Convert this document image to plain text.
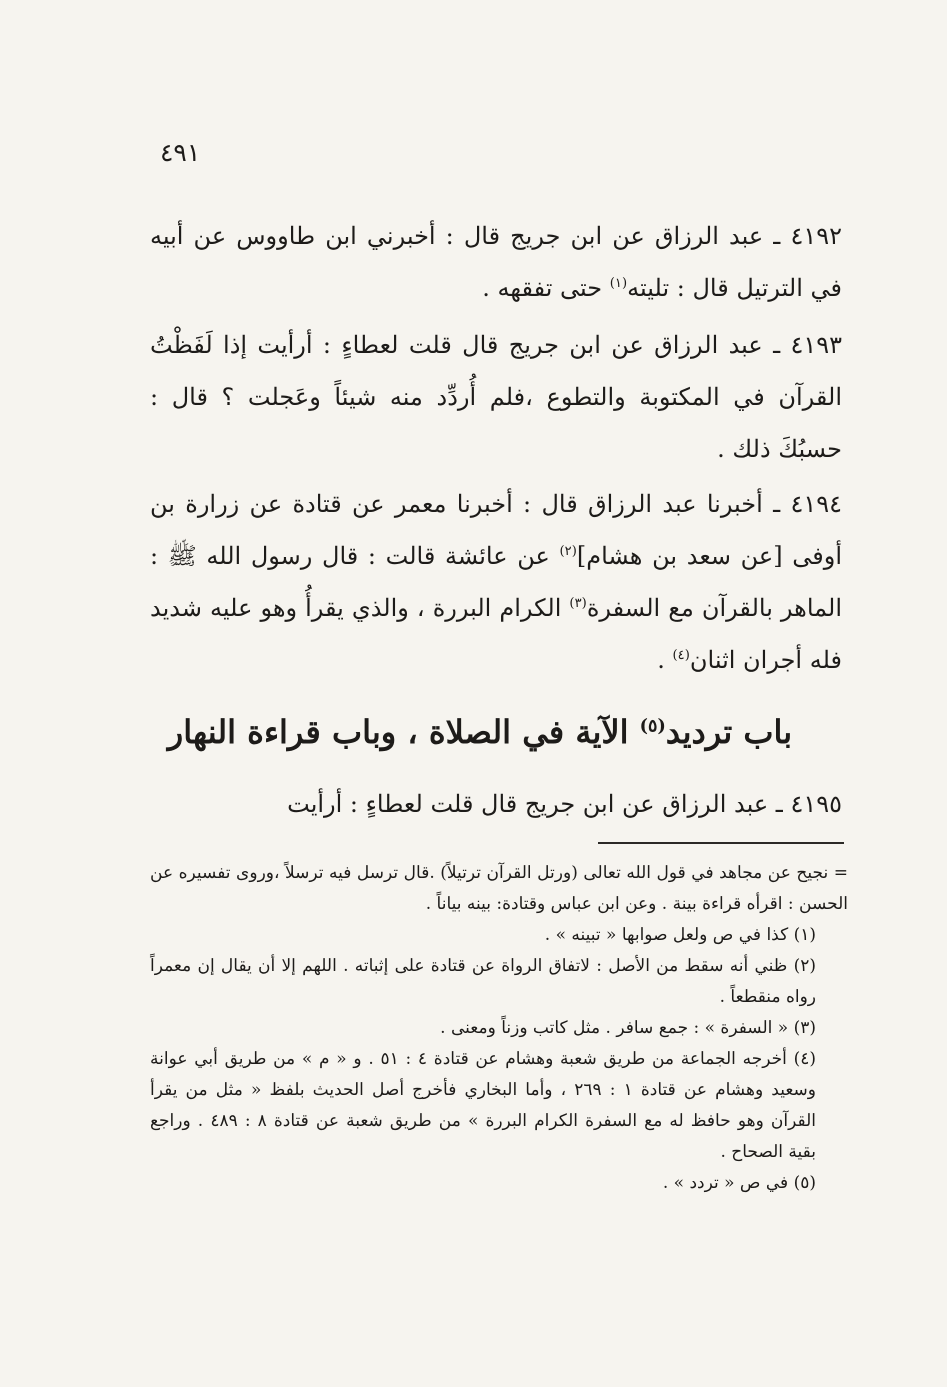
٤٩١

٤١٩٢ ـ عبد الرزاق عن ابن جريج قال : أخبرني ابن طاووس عن أبيه في الترتيل قال : تليته$^{(١)}$ حتى تفقهه .

٤١٩٣ ـ عبد الرزاق عن ابن جريج قال قلت لعطاءٍ : أرأيت إذا لَفَظْتُ القرآن في المكتوبة والتطوع ،فلم أُردِّد منه شيئاً وعَجلت ؟ قال : حسبُكَ ذلك .

٤١٩٤ ـ أخبرنا عبد الرزاق قال : أخبرنا معمر عن قتادة عن زرارة بن أوفى [عن سعد بن هشام]$^{(٢)}$ عن عائشة قالت : قال رسول الله ﷺ : الماهر بالقرآن مع السفرة$^{(٣)}$ الكرام البررة ، والذي يقرأُ وهو عليه شديد فله أجران اثنان$^{(٤)}$ .

باب ترديد$^{(٥)}$ الآية في الصلاة ، وباب قراءة النهار

٤١٩٥ ـ عبد الرزاق عن ابن جريج قال قلت لعطاءٍ : أرأيت

= نجيح عن مجاهد في قول الله تعالى (ورتل القرآن ترتيلاً) .قال ترسل فيه ترسلاً ،وروى تفسيره عن الحسن : اقرأه قراءة بينة . وعن ابن عباس وقتادة: بينه بياناً .

(١) كذا في ص ولعل صوابها « تبينه » .

(٢) ظني أنه سقط من الأصل : لاتفاق الرواة عن قتادة على إثباته . اللهم إلا أن يقال إن معمراً رواه منقطعاً .

(٣) « السفرة » : جمع سافر . مثل كاتب وزناً ومعنى .

(٤) أخرجه الجماعة من طريق شعبة وهشام عن قتادة ٤ : ٥١ . و « م » من طريق أبي عوانة وسعيد وهشام عن قتادة ١ : ٢٦٩ ، وأما البخاري فأخرج أصل الحديث بلفظ « مثل من يقرأ القرآن وهو حافظ له مع السفرة الكرام البررة » من طريق شعبة عن قتادة ٨ : ٤٨٩ . وراجع بقية الصحاح .

(٥) في ص « تردد » .
